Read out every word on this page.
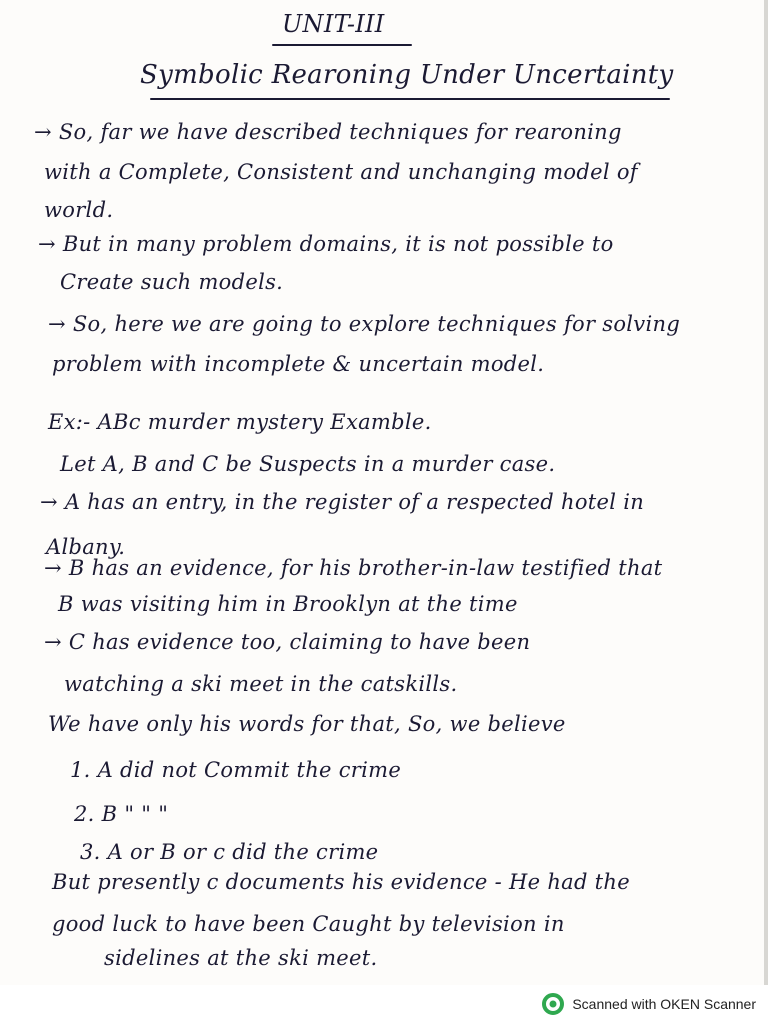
UNIT-III
Symbolic Rearoning Under Uncertainty
→ So, far we have described techniques for rearoning
with a Complete, Consistent and unchanging model of
world.
→ But in many problem domains, it is not possible to
Create such models.
→ So, here we are going to explore techniques for solving
problem with incomplete & uncertain model.
Ex:- ABc murder mystery Examble.
Let A, B and C be Suspects in a murder case.
→ A has an entry, in the register of a respected hotel in
Albany.
→ B has an evidence, for his brother-in-law testified that
B was visiting him in Brooklyn at the time
→ C has evidence too, claiming to have been
watching a ski meet in the catskills.
We have only his words for that, So, we believe
1. A did not Commit the crime
2. B " " "
3. A or B or c did the crime
But presently c documents his evidence - He had the
good luck to have been Caught by television in
sidelines at the ski meet.
Scanned with OKEN Scanner
